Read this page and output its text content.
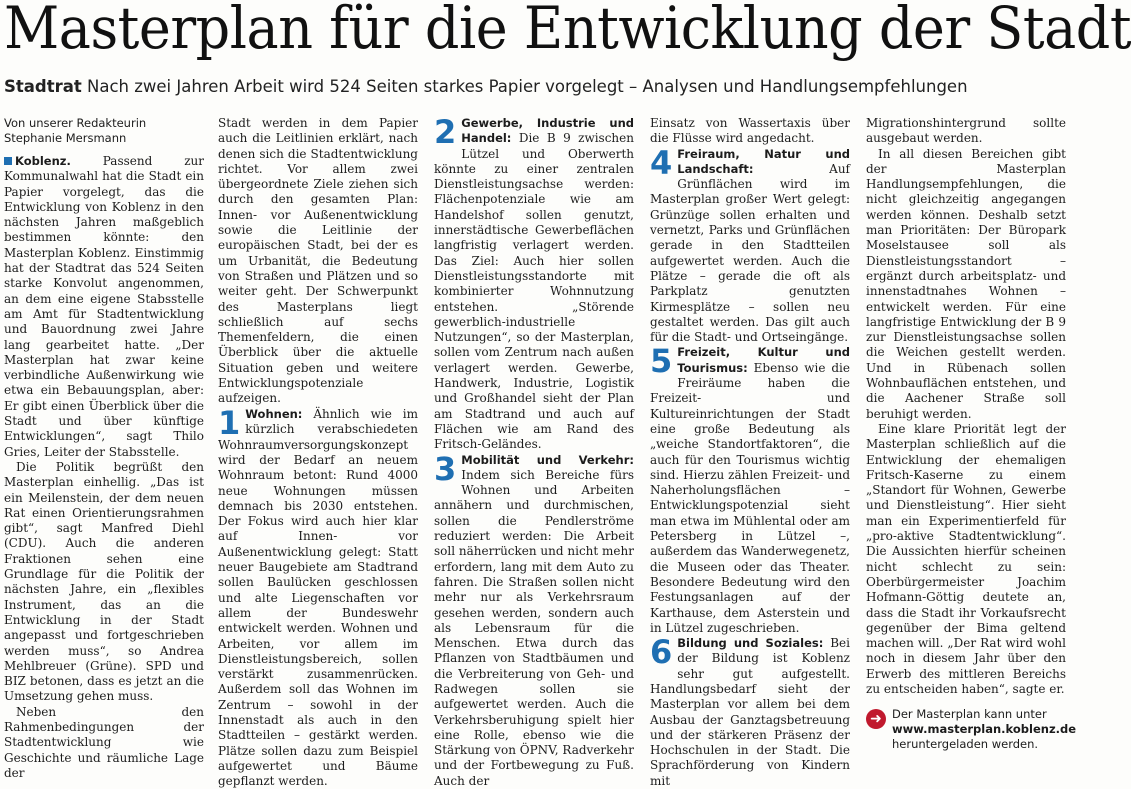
Masterplan für die Entwicklung der Stadt
Stadtrat Nach zwei Jahren Arbeit wird 524 Seiten starkes Papier vorgelegt – Analysen und Handlungsempfehlungen
Von unserer Redakteurin
Stephanie Mersmann

Koblenz.	Passend zur Kommunalwahl hat die Stadt ein Papier vorgelegt, das die Entwicklung von Koblenz in den nächsten Jahren maßgeblich bestimmen könnte: den Masterplan Koblenz. Einstimmig hat der Stadtrat das 524 Seiten starke Konvolut angenommen, an dem eine eigene Stabsstelle am Amt für Stadtentwicklung und Bauordnung zwei Jahre lang gearbeitet hatte. „Der Masterplan hat zwar keine verbindliche Außenwirkung wie etwa ein Bebauungsplan, aber: Er gibt einen Überblick über die Stadt und über künftige Entwicklungen“, sagt Thilo Gries, Leiter der Stabsstelle.

Die Politik begrüßt den Masterplan einhellig. „Das ist ein Meilenstein, der dem neuen Rat einen Orientierungsrahmen gibt“, sagt Manfred Diehl (CDU). Auch die anderen Fraktionen sehen eine Grundlage für die Politik der nächsten Jahre, ein „flexibles Instrument, das an die Entwicklung in der Stadt angepasst und fortgeschrieben werden muss“, so Andrea Mehlbreuer (Grüne). SPD und BIZ betonen, dass es jetzt an die Umsetzung gehen muss.

Neben den Rahmenbedingungen der Stadtentwicklung wie Geschichte und räumliche Lage der

Stadt werden in dem Papier auch die Leitlinien erklärt, nach denen sich die Stadtentwicklung richtet. Vor allem zwei übergeordnete Ziele ziehen sich durch den gesamten Plan: Innen- vor Außenentwicklung sowie die Leitlinie der europäischen Stadt, bei der es um Urbanität, die Bedeutung von Straßen und Plätzen und so weiter geht. Der Schwerpunkt des Masterplans liegt schließlich auf sechs Themenfeldern, die einen Überblick über die aktuelle Situation geben und weitere Entwicklungspotenziale aufzeigen.

1 Wohnen: Ähnlich wie im kürzlich verabschiedeten Wohnraumversorgungskonzept wird der Bedarf an neuem Wohnraum betont: Rund 4000 neue Wohnungen müssen demnach bis 2030 entstehen. Der Fokus wird auch hier klar auf Innen- vor Außenentwicklung gelegt: Statt neuer Baugebiete am Stadtrand sollen Baulücken geschlossen und alte Liegenschaften vor allem der Bundeswehr entwickelt werden. Wohnen und Arbeiten, vor allem im Dienstleistungsbereich, sollen verstärkt zusammenrücken. Außerdem soll das Wohnen im Zentrum – sowohl in der Innenstadt als auch in den Stadtteilen – gestärkt werden. Plätze sollen dazu zum Beispiel aufgewertet und Bäume gepflanzt werden.

2 Gewerbe, Industrie und Handel: Die B 9 zwischen Lützel und Oberwerth könnte zu einer zentralen Dienstleistungsachse werden: Flächenpotenziale wie am Handelshof sollen genutzt, innerstädtische Gewerbeflächen langfristig verlagert werden. Das Ziel: Auch hier sollen Dienstleistungsstandorte mit kombinierter Wohnnutzung entstehen. „Störende gewerblich-industrielle Nutzungen“, so der Masterplan, sollen vom Zentrum nach außen verlagert werden. Gewerbe, Handwerk, Industrie, Logistik und Großhandel sieht der Plan am Stadtrand und auch auf Flächen wie am Rand des Fritsch-Geländes.

3 Mobilität und Verkehr: Indem sich Bereiche fürs Wohnen und Arbeiten annähern und durchmischen, sollen die Pendlerströme reduziert werden: Die Arbeit soll näherrücken und nicht mehr erfordern, lang mit dem Auto zu fahren. Die Straßen sollen nicht mehr nur als Verkehrsraum gesehen werden, sondern auch als Lebensraum für die Menschen. Etwa durch das Pflanzen von Stadtbäumen und die Verbreiterung von Geh- und Radwegen sollen sie aufgewertet werden. Auch die Verkehrsberuhigung spielt hier eine Rolle, ebenso wie die Stärkung von ÖPNV, Radverkehr und der Fortbewegung zu Fuß. Auch der

Einsatz von Wassertaxis über die Flüsse wird angedacht.

4 Freiraum, Natur und Landschaft:	Auf Grünflächen wird im Masterplan großer Wert gelegt: Grünzüge sollen erhalten und vernetzt, Parks und Grünflächen gerade in den Stadtteilen aufgewertet werden. Auch die Plätze – gerade die oft als Parkplatz genutzten Kirmesplätze – sollen neu gestaltet werden. Das gilt auch für die Stadt- und Ortseingänge.

5 Freizeit, Kultur und Tourismus: Ebenso wie die Freiräume haben die Freizeit- und Kultureinrichtungen der Stadt eine große Bedeutung als „weiche Standortfaktoren“, die auch für den Tourismus wichtig sind. Hierzu zählen Freizeit- und Naherholungsflächen – Entwicklungspotenzial sieht man etwa im Mühlental oder am Petersberg in Lützel –, außerdem das Wanderwegenetz, die Museen oder das Theater. Besondere Bedeutung wird den Festungsanlagen auf der Karthause, dem Asterstein und in Lützel zugeschrieben.

6 Bildung und Soziales: Bei der Bildung ist Koblenz sehr gut aufgestellt. Handlungsbedarf sieht der Masterplan vor allem bei dem Ausbau der Ganztagsbetreuung und der stärkeren Präsenz der Hochschulen in der Stadt. Die Sprachförderung von Kindern mit

Migrationshintergrund sollte ausgebaut werden.

In all diesen Bereichen gibt der Masterplan Handlungsempfehlungen, die nicht gleichzeitig angegangen werden können. Deshalb setzt man Prioritäten: Der Büropark Moselstausee soll als Dienstleistungsstandort – ergänzt durch arbeitsplatz- und innenstadtnahes Wohnen – entwickelt werden. Für eine langfristige Entwicklung der B 9 zur Dienstleistungsachse sollen die Weichen gestellt werden. Und in Rübenach sollen Wohnbauflächen entstehen, und die Aachener Straße soll beruhigt werden.

Eine klare Priorität legt der Masterplan schließlich auf die Entwicklung der ehemaligen Fritsch-Kaserne zu einem „Standort für Wohnen, Gewerbe und Dienstleistung“. Hier sieht man ein Experimentierfeld für „pro-aktive Stadtentwicklung“. Die Aussichten hierfür scheinen nicht schlecht zu sein: Oberbürgermeister Joachim Hofmann-Göttig deutete an, dass die Stadt ihr Vorkaufsrecht gegenüber der Bima geltend machen will. „Der Rat wird wohl noch in diesem Jahr über den Erwerb des mittleren Bereichs zu entscheiden haben“, sagte er.

➜ Der Masterplan kann unter
www.masterplan.koblenz.de
heruntergeladen werden.
